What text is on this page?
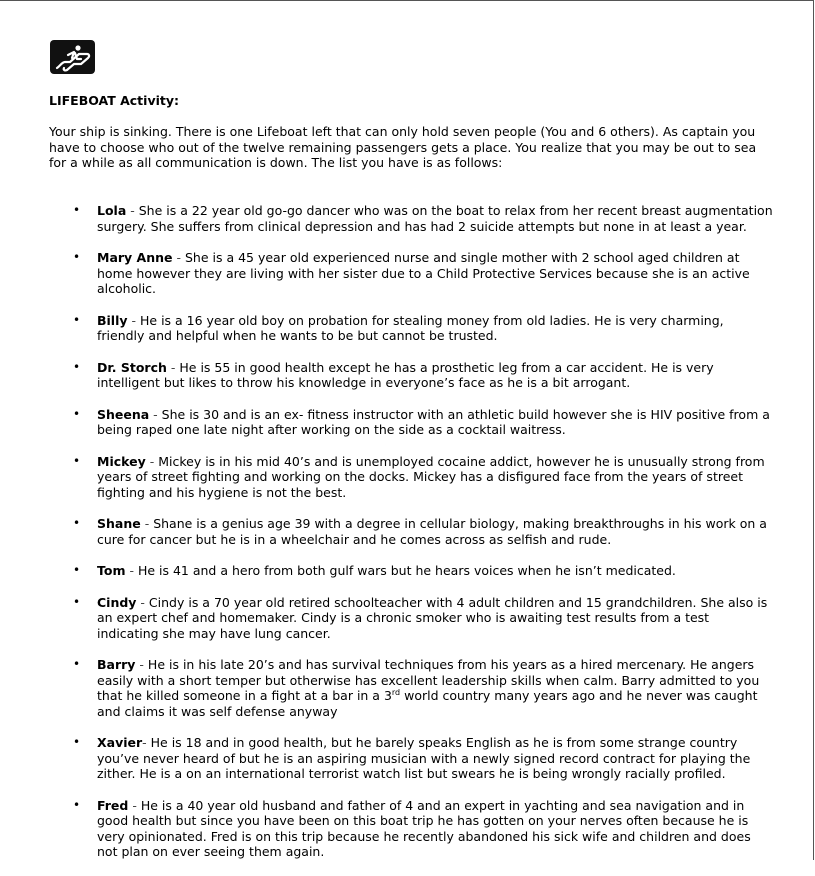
LIFEBOAT Activity:

Your ship is sinking. There is one Lifeboat left that can only hold seven people (You and 6 others). As captain you have to choose who out of the twelve remaining passengers gets a place. You realize that you may be out to sea for a while as all communication is down. The list you have is as follows:

• Lola - She is a 22 year old go-go dancer who was on the boat to relax from her recent breast augmentation surgery. She suffers from clinical depression and has had 2 suicide attempts but none in at least a year.
• Mary Anne - She is a 45 year old experienced nurse and single mother with 2 school aged children at home however they are living with her sister due to a Child Protective Services because she is an active alcoholic.
• Billy - He is a 16 year old boy on probation for stealing money from old ladies. He is very charming, friendly and helpful when he wants to be but cannot be trusted.
• Dr. Storch - He is 55 in good health except he has a prosthetic leg from a car accident. He is very intelligent but likes to throw his knowledge in everyone’s face as he is a bit arrogant.
• Sheena - She is 30 and is an ex- fitness instructor with an athletic build however she is HIV positive from a being raped one late night after working on the side as a cocktail waitress.
• Mickey - Mickey is in his mid 40’s and is unemployed cocaine addict, however he is unusually strong from years of street fighting and working on the docks. Mickey has a disfigured face from the years of street fighting and his hygiene is not the best.
• Shane - Shane is a genius age 39 with a degree in cellular biology, making breakthroughs in his work on a cure for cancer but he is in a wheelchair and he comes across as selfish and rude.
• Tom - He is 41 and a hero from both gulf wars but he hears voices when he isn’t medicated.
• Cindy - Cindy is a 70 year old retired schoolteacher with 4 adult children and 15 grandchildren. She also is an expert chef and homemaker. Cindy is a chronic smoker who is awaiting test results from a test indicating she may have lung cancer.
• Barry - He is in his late 20’s and has survival techniques from his years as a hired mercenary. He angers easily with a short temper but otherwise has excellent leadership skills when calm. Barry admitted to you that he killed someone in a fight at a bar in a 3rd world country many years ago and he never was caught and claims it was self defense anyway
• Xavier- He is 18 and in good health, but he barely speaks English as he is from some strange country you’ve never heard of but he is an aspiring musician with a newly signed record contract for playing the zither. He is a on an international terrorist watch list but swears he is being wrongly racially profiled.
• Fred - He is a 40 year old husband and father of 4 and an expert in yachting and sea navigation and in good health but since you have been on this boat trip he has gotten on your nerves often because he is very opinionated. Fred is on this trip because he recently abandoned his sick wife and children and does not plan on ever seeing them again.
